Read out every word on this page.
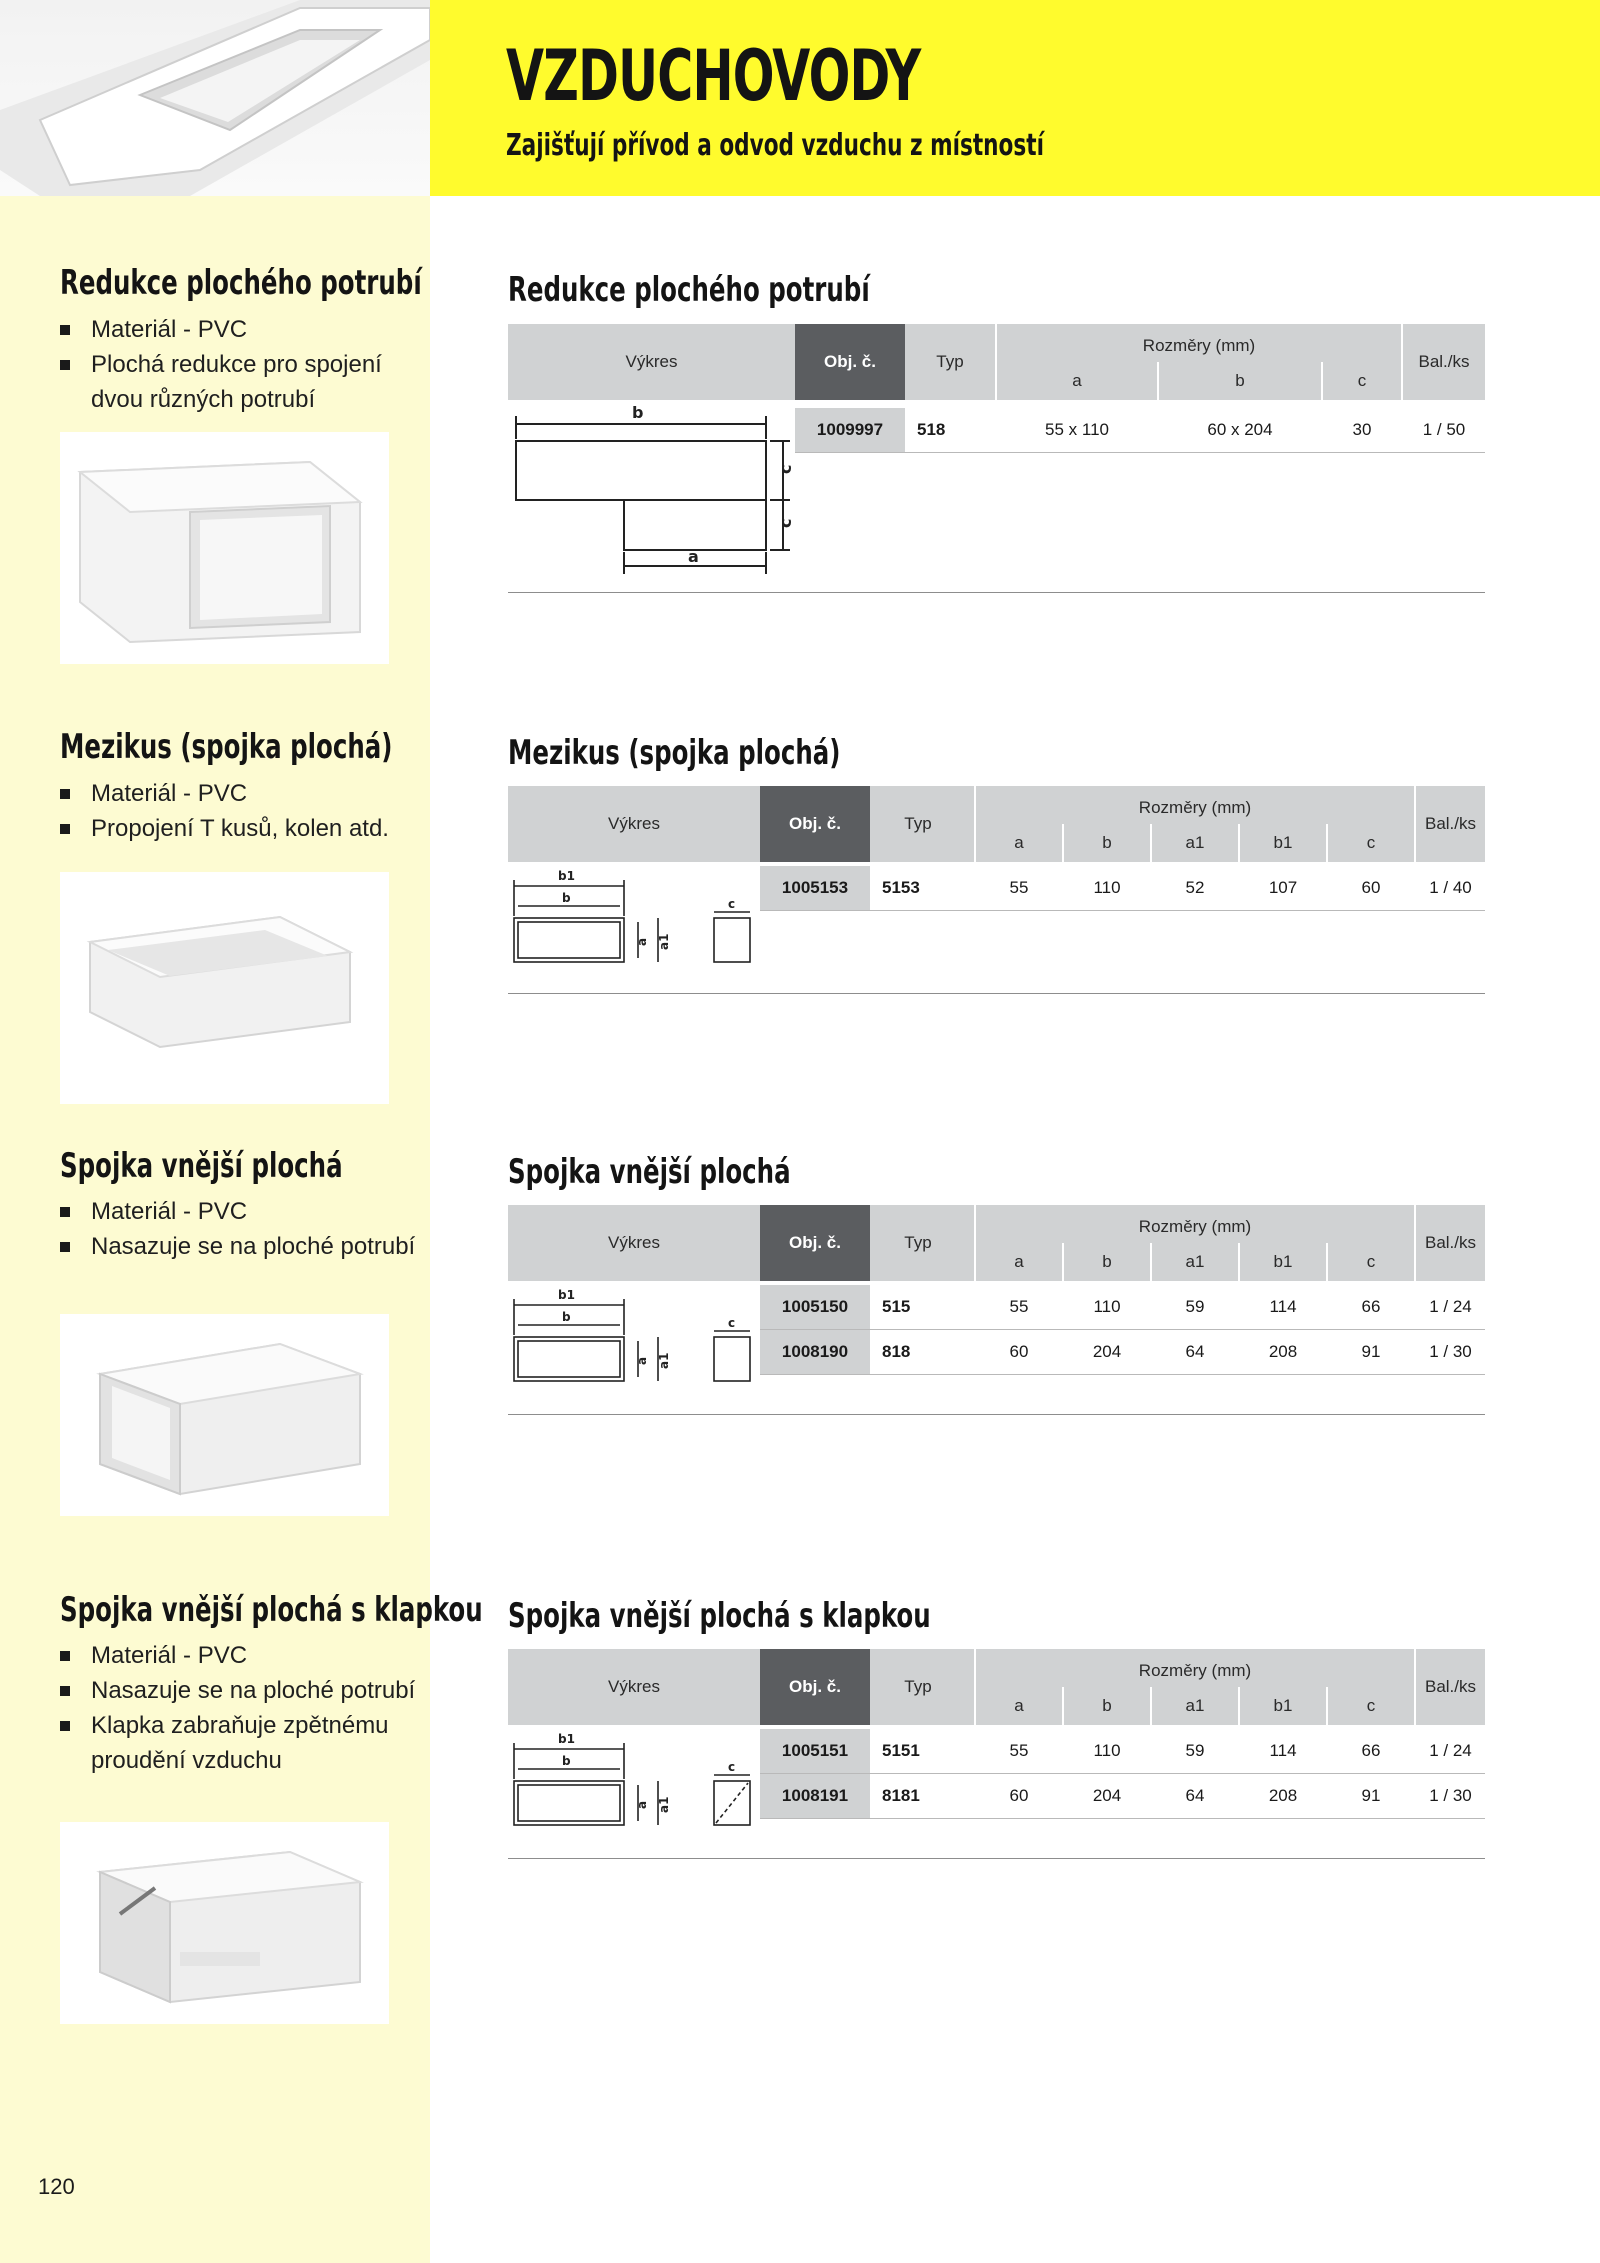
VZDUCHOVODY

Zajišťují přívod a odvod vzduchu z místností

Redukce plochého potrubí
Materiál - PVC
Plochá redukce pro spojení dvou různých potrubí
Redukce plochého potrubí
Výkres	Obj. č.	Typ
Rozměry (mm)
a	b	c
Bal./ks
1009997	518	55 x 110	60 x 204	30	1 / 50
b
c
c
a
Mezikus (spojka plochá)
Materiál - PVC
Propojení T kusů, kolen atd.
Mezikus (spojka plochá)
Výkres	Obj. č.	Typ
Rozměry (mm)
a	b	a1	b1	c
Bal./ks
1005153	5153	55	110	52	107	60	1 / 40
b1
b
a a1
c
Spojka vnější plochá
Materiál - PVC
Nasazuje se na ploché potrubí
Spojka vnější plochá
Výkres	Obj. č.	Typ
Rozměry (mm)
a	b	a1	b1	c
Bal./ks
1005150	515	55	110	59	114	66	1 / 24
1008190	818	60	204	64	208	91	1 / 30
b1
b
a a1
c
Spojka vnější plochá s klapkou
Materiál - PVC
Nasazuje se na ploché potrubí
Klapka zabraňuje zpětnému proudění vzduchu
Spojka vnější plochá s klapkou
Výkres	Obj. č.	Typ
Rozměry (mm)
a	b	a1	b1	c
Bal./ks
1005151	5151	55	110	59	114	66	1 / 24
1008191	8181	60	204	64	208	91	1 / 30
b1
b
a a1
c

120
